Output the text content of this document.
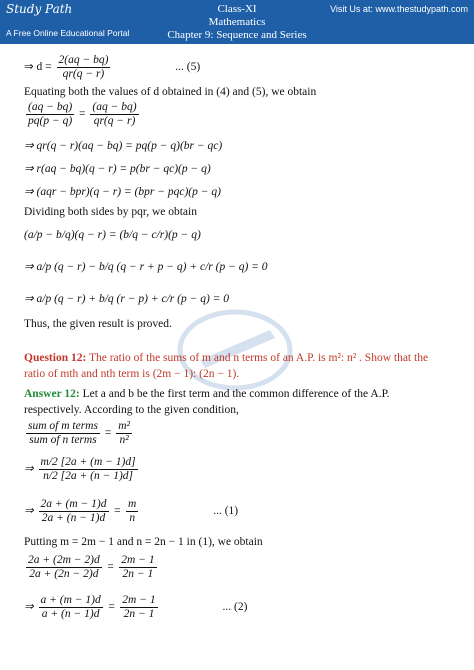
Study Path
A Free Online Educational Portal
Class-XI
Mathematics
Chapter 9: Sequence and Series
Visit Us at: www.thestudypath.com
⇒ $d = \frac{2(aq - bq)}{qr(q - r)}$	... (5)
Equating both the values of d obtained in (4) and (5), we obtain
$\frac{(aq - bq)}{pq(p - q)} = \frac{(aq - bq)}{qr(q - r)}$
⇒ qr(q − r)(aq − bq) = pq(p − q)(br − qc)
⇒ r(aq − bq)(q − r) = p(br − qc)(p − q)
⇒ (aqr − bpr)(q − r) = (bpr − pqc)(p − q)
Dividing both sides by pqr, we obtain
(a/p − b/q)(q − r) = (b/q − c/r)(p − q)
⇒ a/p (q − r) − b/q (q − r + p − q) + c/r (p − q) = 0
⇒ a/p (q − r) + b/q (r − p) + c/r (p − q) = 0
Thus, the given result is proved.
Question 12: The ratio of the sums of m and n terms of an A.P. is m²: n² . Show that the
ratio of mth and nth term is (2m − 1): (2n − 1).
Answer 12: Let a and b be the first term and the common difference of the A.P.
respectively. According to the given condition,
$\frac{\text{sum of m terms}}{\text{sum of n terms}} = \frac{\text{m²}}{\text{n²}}$
⇒ $\frac{m/2 [2a + (m - 1)d]}{n/2 [2a + (n - 1)d]}$
⇒ $\frac{2a + (m - 1)d}{2a + (n - 1)d} = \frac{m}{n}$	... (1)
Putting m = 2m − 1 and n = 2n − 1 in (1), we obtain
$\frac{2a + (2m - 2)d}{2a + (2n - 2)d} = \frac{2m - 1}{2n - 1}$
⇒ $\frac{a + (m - 1)d}{a + (n - 1)d} = \frac{2m - 1}{2n - 1}$	... (2)
